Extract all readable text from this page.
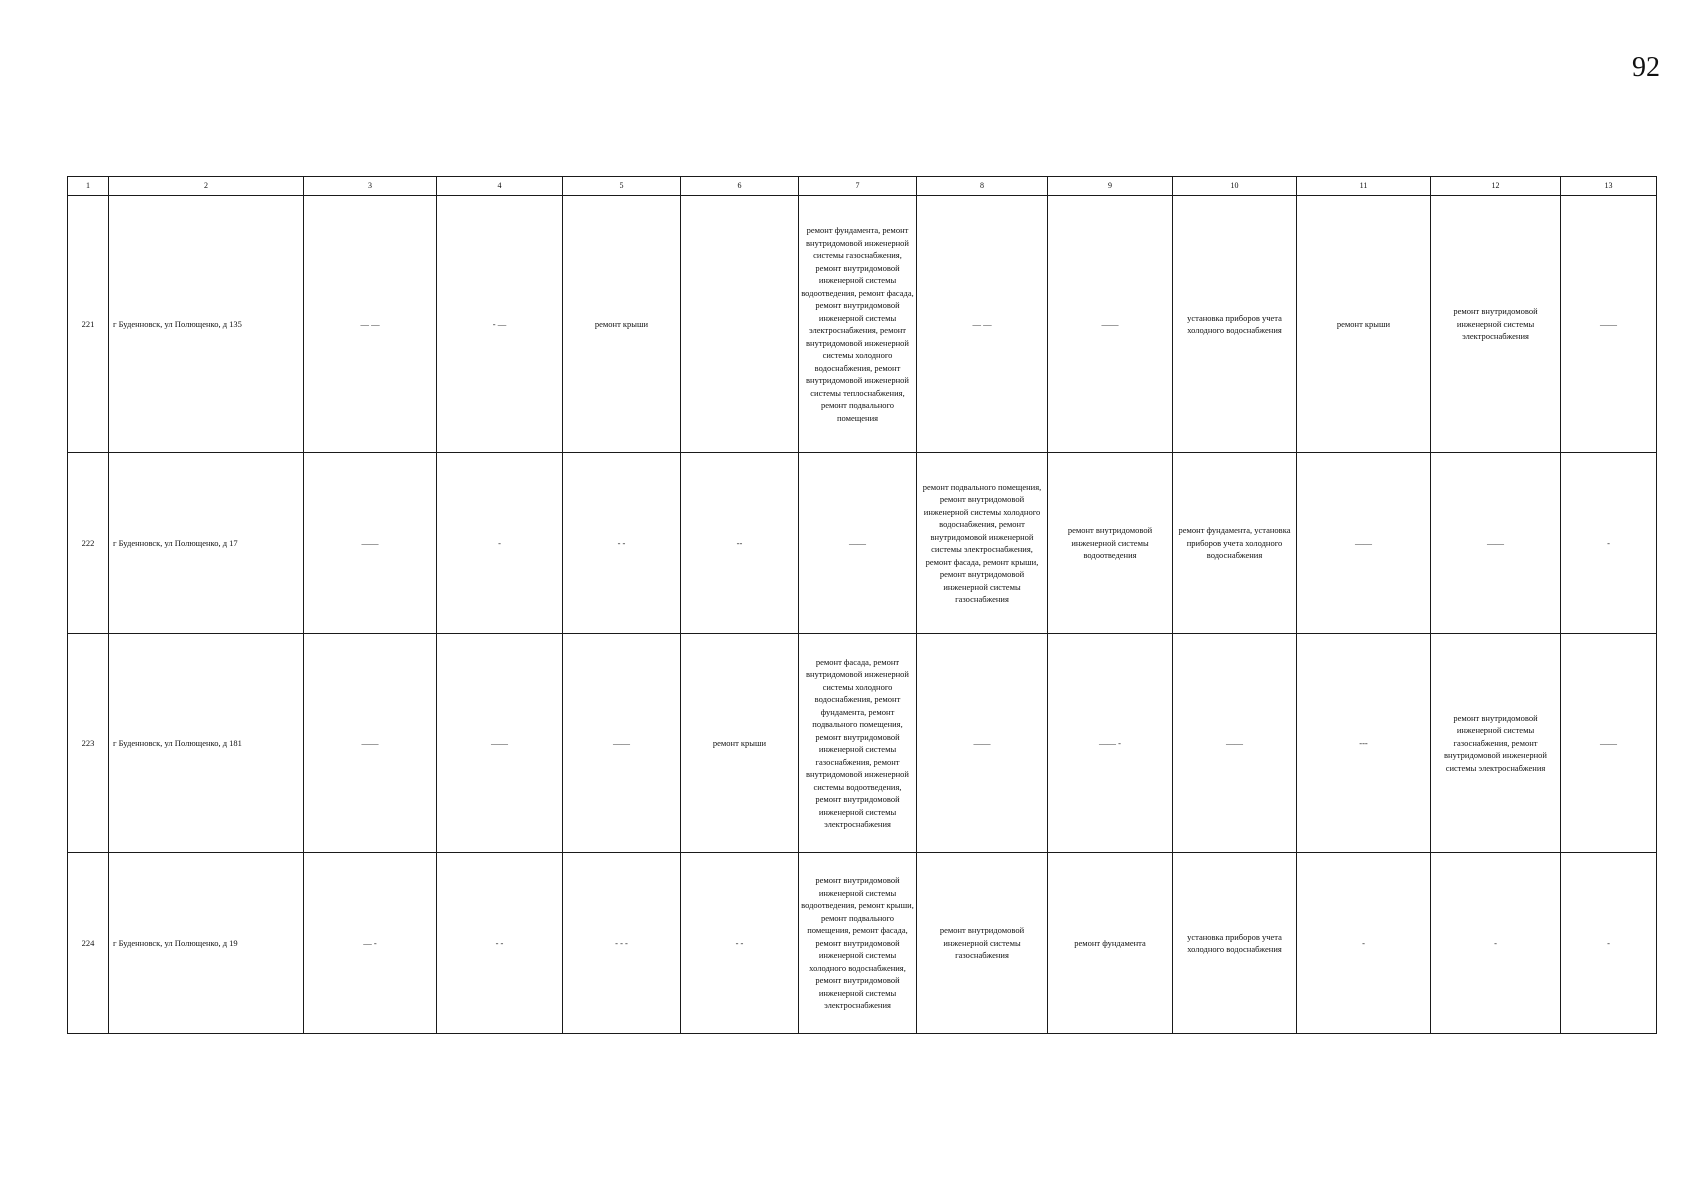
92
1	2	3	4	5	6	7	8	9	10	11	12	13
221	г Буденновск, ул Полющенко, д 135	— —	- —	ремонт крыши		ремонт фундамента, ремонт внутридомовой инженерной системы газоснабжения, ремонт внутридомовой инженерной системы водоотведения, ремонт фасада, ремонт внутридомовой инженерной системы электроснабжения, ремонт внутридомовой инженерной системы холодного водоснабжения, ремонт внутридомовой инженерной системы теплоснабжения, ремонт подвального помещения	— —	——	установка приборов учета холодного водоснабжения	ремонт крыши	ремонт внутридомовой инженерной системы электроснабжения	——
222	г Буденновск, ул Полющенко, д 17	——	-	- -	--	——	ремонт подвального помещения, ремонт внутридомовой инженерной системы холодного водоснабжения, ремонт внутридомовой инженерной системы электроснабжения, ремонт фасада, ремонт крыши, ремонт внутридомовой инженерной системы газоснабжения	ремонт внутридомовой инженерной системы водоотведения	ремонт фундамента, установка приборов учета холодного водоснабжения	——	——	-
223	г Буденновск, ул Полющенко, д 181	——	——	——	ремонт крыши	ремонт фасада, ремонт внутридомовой инженерной системы холодного водоснабжения, ремонт фундамента, ремонт подвального помещения, ремонт внутридомовой инженерной системы газоснабжения, ремонт внутридомовой инженерной системы водоотведения, ремонт внутридомовой инженерной системы электроснабжения	——	—— -	——	---	ремонт внутридомовой инженерной системы газоснабжения, ремонт внутридомовой инженерной системы электроснабжения	——
224	г Буденновск, ул Полющенко, д 19	— -	- -	- - -	- -	ремонт внутридомовой инженерной системы водоотведения, ремонт крыши, ремонт подвального помещения, ремонт фасада, ремонт внутридомовой инженерной системы холодного водоснабжения, ремонт внутридомовой инженерной системы электроснабжения	ремонт внутридомовой инженерной системы газоснабжения	ремонт фундамента	установка приборов учета холодного водоснабжения	-	-	-
